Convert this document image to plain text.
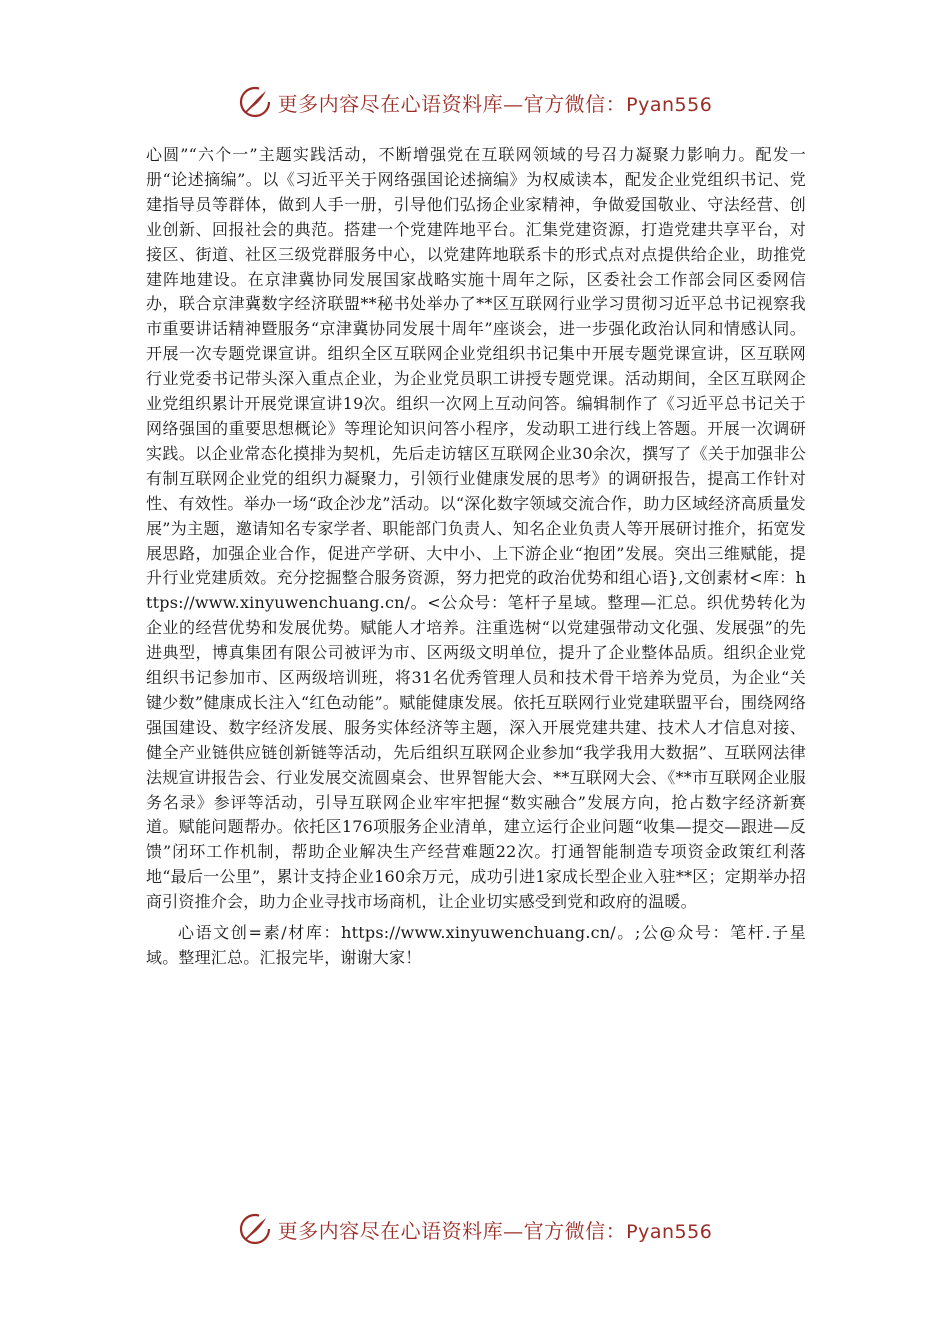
更多内容尽在心语资料库—官方微信：Pyan556

心圆”“六个一”主题实践活动，不断增强党在互联网领域的号召力凝聚力影响力。配发一册“论述摘编”。以《习近平关于网络强国论述摘编》为权威读本，配发企业党组织书记、党建指导员等群体，做到人手一册，引导他们弘扬企业家精神，争做爱国敬业、守法经营、创业创新、回报社会的典范。搭建一个党建阵地平台。汇集党建资源，打造党建共享平台，对接区、街道、社区三级党群服务中心，以党建阵地联系卡的形式点对点提供给企业，助推党建阵地建设。在京津冀协同发展国家战略实施十周年之际，区委社会工作部会同区委网信办，联合京津冀数字经济联盟**秘书处举办了**区互联网行业学习贯彻习近平总书记视察我市重要讲话精神暨服务“京津冀协同发展十周年”座谈会，进一步强化政治认同和情感认同。开展一次专题党课宣讲。组织全区互联网企业党组织书记集中开展专题党课宣讲，区互联网行业党委书记带头深入重点企业，为企业党员职工讲授专题党课。活动期间，全区互联网企业党组织累计开展党课宣讲19次。组织一次网上互动问答。编辑制作了《习近平总书记关于网络强国的重要思想概论》等理论知识问答小程序，发动职工进行线上答题。开展一次调研实践。以企业常态化摸排为契机，先后走访辖区互联网企业30余次，撰写了《关于加强非公有制互联网企业党的组织力凝聚力，引领行业健康发展的思考》的调研报告，提高工作针对性、有效性。举办一场“政企沙龙”活动。以“深化数字领域交流合作，助力区域经济高质量发展”为主题，邀请知名专家学者、职能部门负责人、知名企业负责人等开展研讨推介，拓宽发展思路，加强企业合作，促进产学研、大中小、上下游企业“抱团”发展。突出三维赋能，提升行业党建质效。充分挖掘整合服务资源，努力把党的政治优势和组心语},文创素材<库：https://www.xinyuwenchuang.cn/。<公众号：笔杆子星域。整理—汇总。织优势转化为企业的经营优势和发展优势。赋能人才培养。注重选树“以党建强带动文化强、发展强”的先进典型，博真集团有限公司被评为市、区两级文明单位，提升了企业整体品质。组织企业党组织书记参加市、区两级培训班，将31名优秀管理人员和技术骨干培养为党员，为企业“关键少数”健康成长注入“红色动能”。赋能健康发展。依托互联网行业党建联盟平台，围绕网络强国建设、数字经济发展、服务实体经济等主题，深入开展党建共建、技术人才信息对接、健全产业链供应链创新链等活动，先后组织互联网企业参加“我学我用大数据”、互联网法律法规宣讲报告会、行业发展交流圆桌会、世界智能大会、**互联网大会、《**市互联网企业服务名录》参评等活动，引导互联网企业牢牢把握“数实融合”发展方向，抢占数字经济新赛道。赋能问题帮办。依托区176项服务企业清单，建立运行企业问题“收集—提交—跟进—反馈”闭环工作机制，帮助企业解决生产经营难题22次。打通智能制造专项资金政策红利落地“最后一公里”，累计支持企业160余万元，成功引进1家成长型企业入驻**区；定期举办招商引资推介会，助力企业寻找市场商机，让企业切实感受到党和政府的温暖。

心语文创=素/材库：https://www.xinyuwenchuang.cn/。;公@众号：笔杆.子星域。整理汇总。汇报完毕，谢谢大家！

更多内容尽在心语资料库—官方微信：Pyan556
